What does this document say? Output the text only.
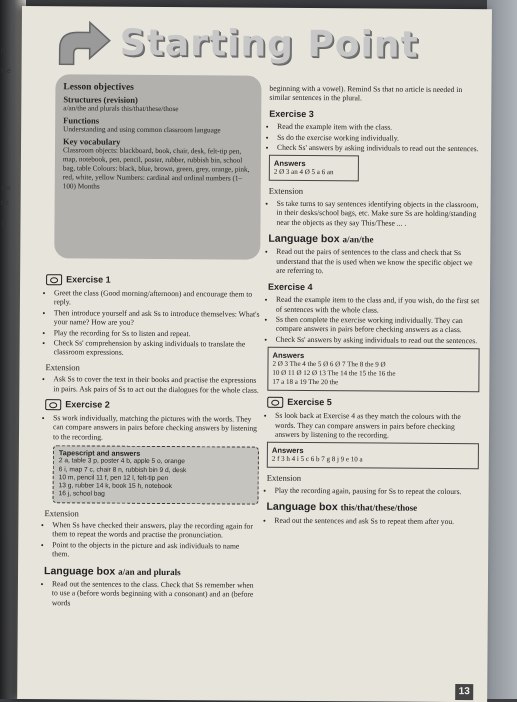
le
the
ets
be
y
Starting Point
Lesson objectives
Structures (revision)
a/an/the and plurals this/that/these/those
Functions
Understanding and using common classroom language
Key vocabulary
Classroom objects: blackboard, book, chair, desk, felt-tip pen, map, notebook, pen, pencil, poster, rubber, rubbish bin, school bag, table Colours: black, blue, brown, green, grey, orange, pink, red, white, yellow Numbers: cardinal and ordinal numbers (1–100) Months
Exercise 1
• Greet the class (Good morning/afternoon) and encourage them to reply.
• Then introduce yourself and ask Ss to introduce themselves: What's your name? How are you?
• Play the recording for Ss to listen and repeat.
• Check Ss' comprehension by asking individuals to translate the classroom expressions.
Extension
• Ask Ss to cover the text in their books and practise the expressions in pairs. Ask pairs of Ss to act out the dialogues for the whole class.
Exercise 2
• Ss work individually, matching the pictures with the words. They can compare answers in pairs before checking answers by listening to the recording.
Tapescript and answers
2 a, table 3 p, poster 4 b, apple 5 o, orange
6 i, map 7 c, chair 8 n, rubbish bin 9 d, desk
10 m, pencil 11 f, pen 12 l, felt-tip pen
13 g, rubber 14 k, book 15 h, notebook
16 j, school bag
Extension
• When Ss have checked their answers, play the recording again for them to repeat the words and practise the pronunciation.
• Point to the objects in the picture and ask individuals to name them.
Language box a/an and plurals
• Read out the sentences to the class. Check that Ss remember when to use a (before words beginning with a consonant) and an (before words
beginning with a vowel). Remind Ss that no article is needed in similar sentences in the plural.
Exercise 3
• Read the example item with the class.
• Ss do the exercise working individually.
• Check Ss' answers by asking individuals to read out the sentences.
Answers
2 Ø 3 an 4 Ø 5 a 6 an
Extension
• Ss take turns to say sentences identifying objects in the classroom, in their desks/school bags, etc. Make sure Ss are holding/standing near the objects as they say This/These ... .
Language box a/an/the
• Read out the pairs of sentences to the class and check that Ss understand that the is used when we know the specific object we are referring to.
Exercise 4
• Read the example item to the class and, if you wish, do the first set of sentences with the whole class.
• Ss then complete the exercise working individually. They can compare answers in pairs before checking answers as a class.
• Check Ss' answers by asking individuals to read out the sentences.
Answers
2 Ø 3 The 4 the 5 Ø 6 Ø 7 The 8 the 9 Ø
10 Ø 11 Ø 12 Ø 13 The 14 the 15 the 16 the
17 a 18 a 19 The 20 the
Exercise 5
• Ss look back at Exercise 4 as they match the colours with the words. They can compare answers in pairs before checking answers by listening to the recording.
Answers
2 f 3 h 4 i 5 c 6 b 7 g 8 j 9 e 10 a
Extension
• Play the recording again, pausing for Ss to repeat the colours.
Language box this/that/these/those
• Read out the sentences and ask Ss to repeat them after you.
13
